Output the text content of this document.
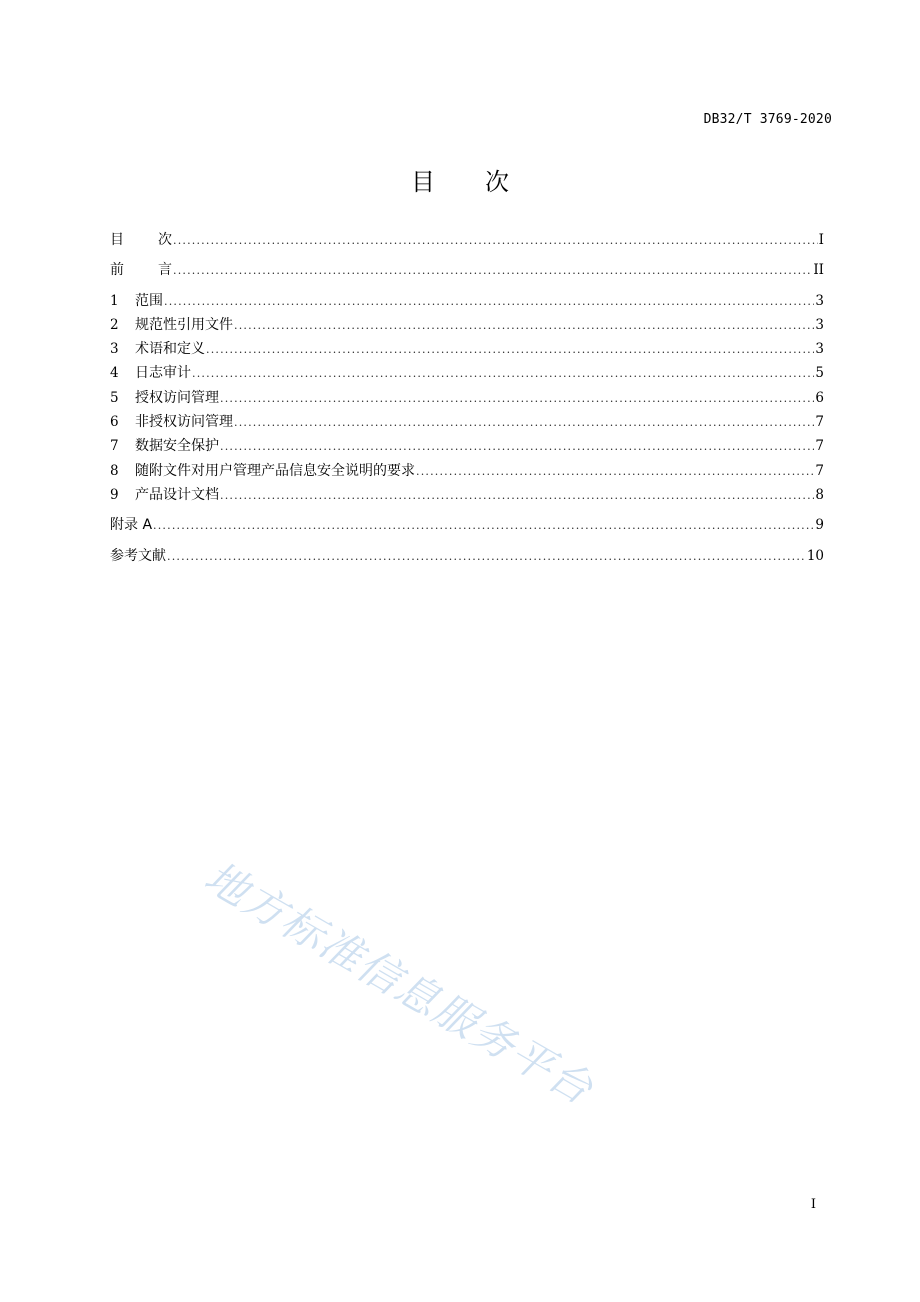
DB32/T 3769-2020
目 次
目 次 .....	I
前 言 .....	II
1	范围 .....	3
2	规范性引用文件 .....	3
3	术语和定义 .....	3
4	日志审计 .....	5
5	授权访问管理 .....	6
6	非授权访问管理 .....	7
7	数据安全保护 .....	7
8	随附文件对用户管理产品信息安全说明的要求 .....	7
9	产品设计文档 .....	8
附录 A .....	9
参考文献 .....	10
地方标准信息服务平台
I
